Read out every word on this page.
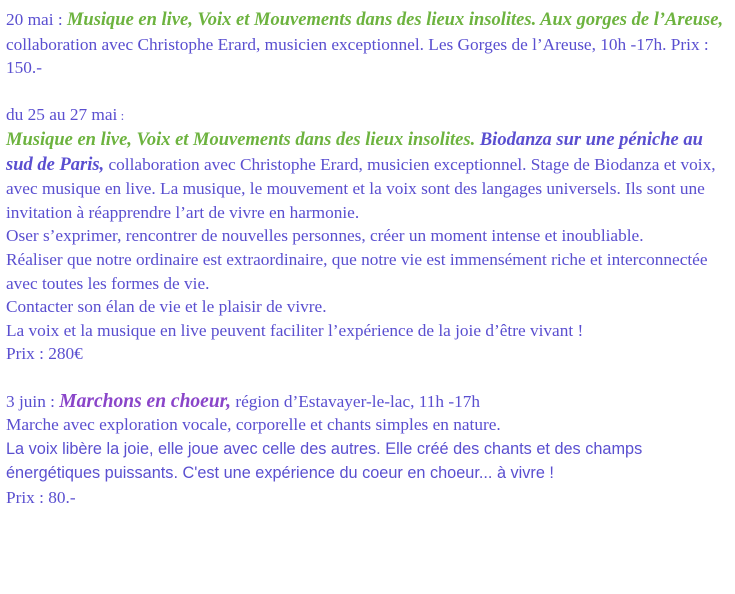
20 mai : Musique en live, Voix et Mouvements dans des lieux insolites. Aux gorges de l’Areuse, collaboration avec Christophe Erard, musicien exceptionnel. Les Gorges de l’Areuse, 10h -17h. Prix : 150.-

du 25 au 27 mai :
Musique en live, Voix et Mouvements dans des lieux insolites. Biodanza sur une péniche au sud de Paris, collaboration avec Christophe Erard, musicien exceptionnel. Stage de Biodanza et voix, avec musique en live. La musique, le mouvement et la voix sont des langages universels. Ils sont une invitation à réapprendre l’art de vivre en harmonie.
Oser s’exprimer, rencontrer de nouvelles personnes, créer un moment intense et inoubliable.
Réaliser que notre ordinaire est extraordinaire, que notre vie est immensément riche et interconnectée avec toutes les formes de vie.
Contacter son élan de vie et le plaisir de vivre.
La voix et la musique en live peuvent faciliter l’expérience de la joie d’être vivant !
Prix : 280€

3 juin : Marchons en choeur, région d’Estavayer-le-lac, 11h -17h
Marche avec exploration vocale, corporelle et chants simples en nature.
La voix libère la joie, elle joue avec celle des autres. Elle créé des chants et des champs énergétiques puissants. C'est une expérience du coeur en choeur... à vivre !
Prix : 80.-
